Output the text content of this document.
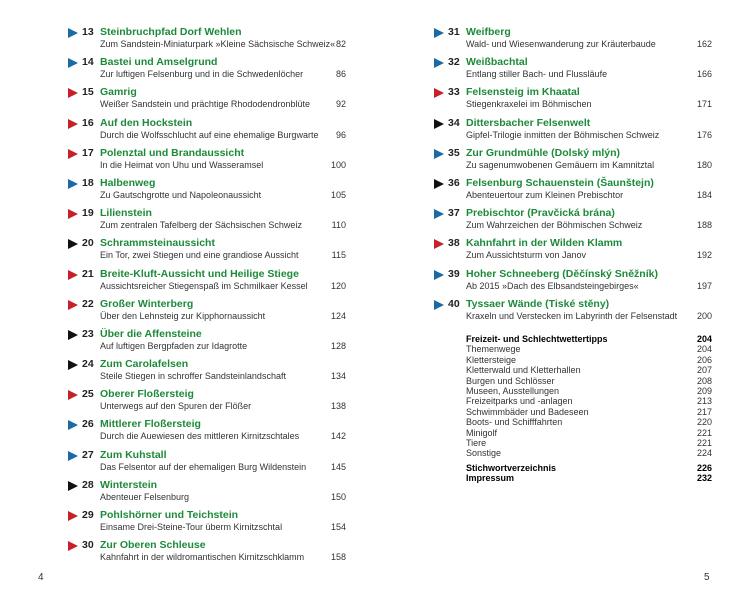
13 Steinbruchpfad Dorf Wehlen
Zum Sandstein-Miniaturpark »Kleine Sächsische Schweiz« 82
14 Bastei und Amselgrund
Zur luftigen Felsenburg und in die Schwedenlöcher	86
15 Gamrig
Weißer Sandstein und prächtige Rhododendronblüte	92
16 Auf den Hockstein
Durch die Wolfsschlucht auf eine ehemalige Burgwarte 96
17 Polenztal und Brandaussicht
In die Heimat von Uhu und Wasseramsel	100
18 Halbenweg
Zu Gautschgrotte und Napoleonaussicht	105
19 Lilienstein
Zum zentralen Tafelberg der Sächsischen Schweiz	110
20 Schrammsteinaussicht
Ein Tor, zwei Stiegen und eine grandiose Aussicht	115
21 Breite-Kluft-Aussicht und Heilige Stiege
Aussichtsreicher Stiegenspaß im Schmilkaer Kessel	120
22 Großer Winterberg
Über den Lehnsteig zur Kipphornaussicht	124
23 Über die Affensteine
Auf luftigen Bergpfaden zur Idagrotte	128
24 Zum Carolafelsen
Steile Stiegen in schroffer Sandsteinlandschaft	134
25 Oberer Floßersteig
Unterwegs auf den Spuren der Flößer	138
26 Mittlerer Floßersteig
Durch die Auewiesen des mittleren Kirnitzschtales	142
27 Zum Kuhstall
Das Felsentor auf der ehemaligen Burg Wildenstein	145
28 Winterstein
Abenteuer Felsenburg	150
29 Pohlshörner und Teichstein
Einsame Drei-Steine-Tour überm Kirnitzschtal	154
30 Zur Oberen Schleuse
Kahnfahrt in der wildromantischen Kirnitzschklamm	158
31 Weifberg
Wald- und Wiesenwanderung zur Kräuterbaude	162
32 Weißbachtal
Entlang stiller Bach- und Flussläufe	166
33 Felsensteig im Khaatal
Stiegenkraxelei im Böhmischen	171
34 Dittersbacher Felsenwelt
Gipfel-Trilogie inmitten der Böhmischen Schweiz	176
35 Zur Grundmühle (Dolský mlýn)
Zu sagenumwobenen Gemäuern im Kamnitztal	180
36 Felsenburg Schauenstein (Šaunštejn)
Abenteuertour zum Kleinen Prebischtor	184
37 Prebischtor (Pravčická brána)
Zum Wahrzeichen der Böhmischen Schweiz	188
38 Kahnfahrt in der Wilden Klamm
Zum Aussichtsturm von Janov	192
39 Hoher Schneeberg (Děčínský Sněžník)
Ab 2015 »Dach des Elbsandsteingebirges«	197
40 Tyssaer Wände (Tiské stěny)
Kraxeln und Verstecken im Labyrinth der Felsenstadt 200
Freizeit- und Schlechtwettertipps	204
Themenwege	204
Klettersteige	206
Kletterwald und Kletterhallen	207
Burgen und Schlösser	208
Museen, Ausstellungen	209
Freizeitparks und -anlagen	213
Schwimmbäder und Badeseen	217
Boots- und Schifffahrten	220
Minigolf	221
Tiere	221
Sonstige	224
Stichwortverzeichnis	226
Impressum	232
4	5
